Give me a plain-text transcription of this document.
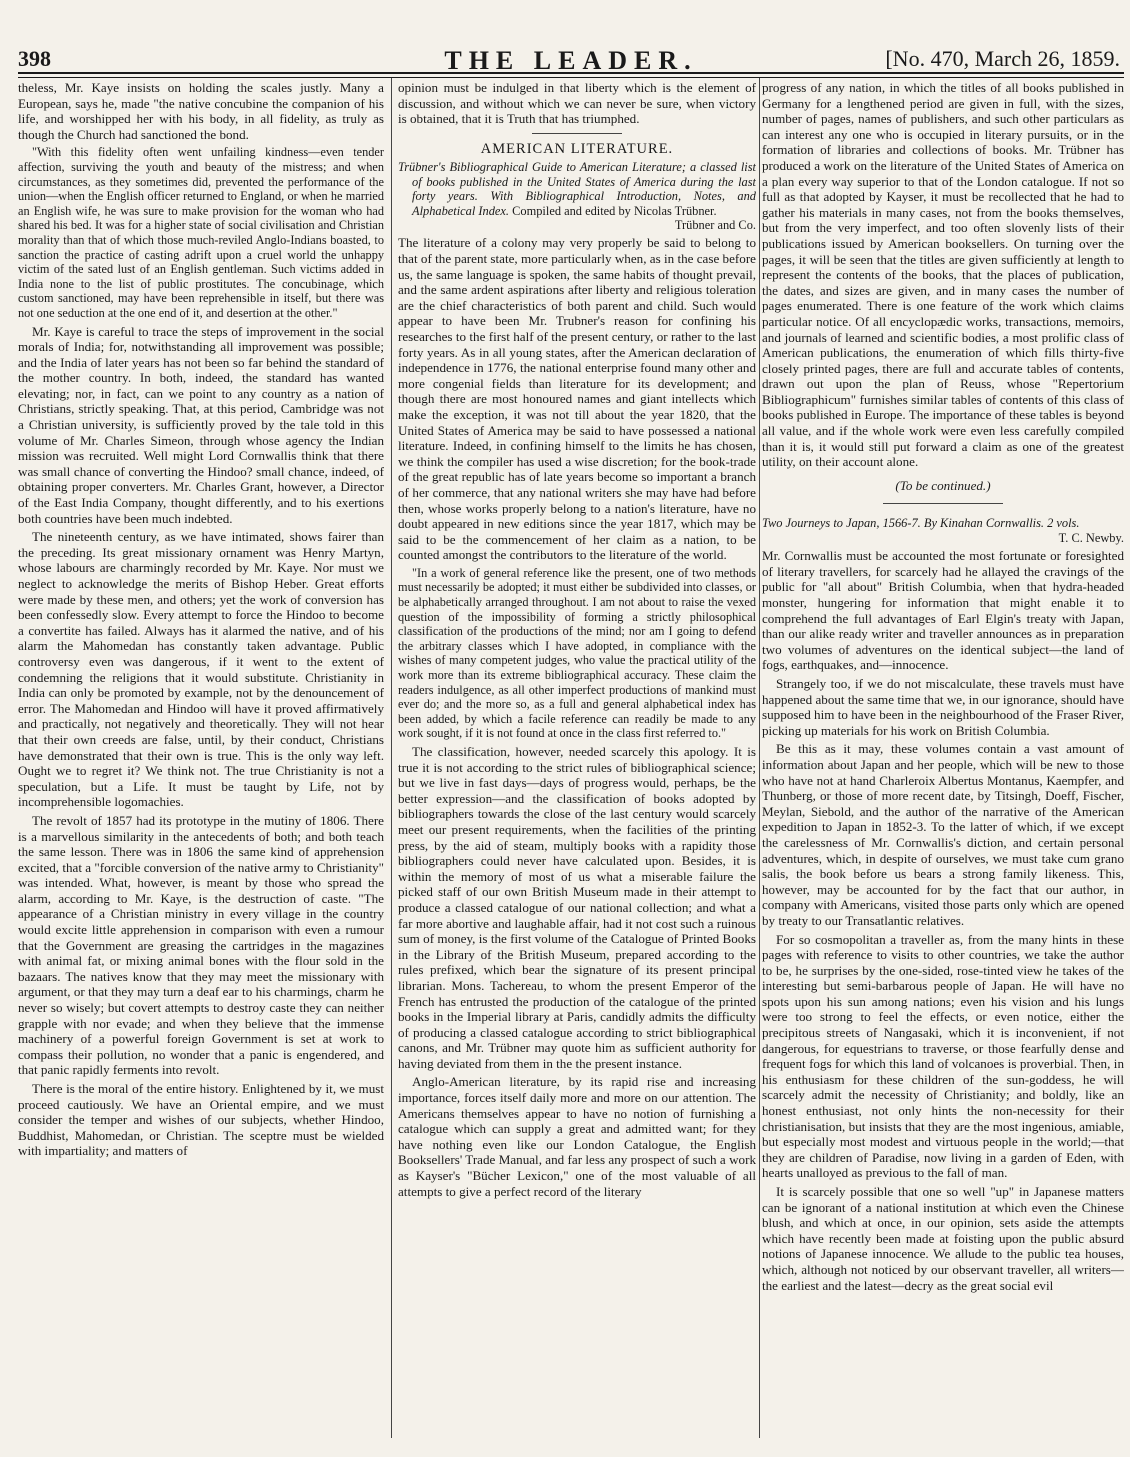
398	THE LEADER.	[No. 470, March 26, 1859.

theless, Mr. Kaye insists on holding the scales justly. Many a European, says he, made "the native concubine the companion of his life, and worshipped her with his body, in all fidelity, as truly as though the Church had sanctioned the bond.

"With this fidelity often went unfailing kindness—even tender affection, surviving the youth and beauty of the mistress; and when circumstances, as they sometimes did, prevented the performance of the union—when the English officer returned to England, or when he married an English wife, he was sure to make provision for the woman who had shared his bed. It was for a higher state of social civilisation and Christian morality than that of which those much-reviled Anglo-Indians boasted, to sanction the practice of casting adrift upon a cruel world the unhappy victim of the sated lust of an English gentleman. Such victims added in India none to the list of public prostitutes. The concubinage, which custom sanctioned, may have been reprehensible in itself, but there was not one seduction at the one end of it, and desertion at the other."

Mr. Kaye is careful to trace the steps of improvement in the social morals of India; for, notwithstanding all improvement was possible; and the India of later years has not been so far behind the standard of the mother country. In both, indeed, the standard has wanted elevating; nor, in fact, can we point to any country as a nation of Christians, strictly speaking. That, at this period, Cambridge was not a Christian university, is sufficiently proved by the tale told in this volume of Mr. Charles Simeon, through whose agency the Indian mission was recruited. Well might Lord Cornwallis think that there was small chance of converting the Hindoo? small chance, indeed, of obtaining proper converters. Mr. Charles Grant, however, a Director of the East India Company, thought differently, and to his exertions both countries have been much indebted.

The nineteenth century, as we have intimated, shows fairer than the preceding. Its great missionary ornament was Henry Martyn, whose labours are charmingly recorded by Mr. Kaye. Nor must we neglect to acknowledge the merits of Bishop Heber. Great efforts were made by these men, and others; yet the work of conversion has been confessedly slow. Every attempt to force the Hindoo to become a convertite has failed. Always has it alarmed the native, and of his alarm the Mahomedan has constantly taken advantage. Public controversy even was dangerous, if it went to the extent of condemning the religions that it would substitute. Christianity in India can only be promoted by example, not by the denouncement of error. The Mahomedan and Hindoo will have it proved affirmatively and practically, not negatively and theoretically. They will not hear that their own creeds are false, until, by their conduct, Christians have demonstrated that their own is true. This is the only way left. Ought we to regret it? We think not. The true Christianity is not a speculation, but a Life. It must be taught by Life, not by incomprehensible logomachies.

The revolt of 1857 had its prototype in the mutiny of 1806. There is a marvellous similarity in the antecedents of both; and both teach the same lesson. There was in 1806 the same kind of apprehension excited, that a "forcible conversion of the native army to Christianity" was intended. What, however, is meant by those who spread the alarm, according to Mr. Kaye, is the destruction of caste. "The appearance of a Christian ministry in every village in the country would excite little apprehension in comparison with even a rumour that the Government are greasing the cartridges in the magazines with animal fat, or mixing animal bones with the flour sold in the bazaars. The natives know that they may meet the missionary with argument, or that they may turn a deaf ear to his charmings, charm he never so wisely; but covert attempts to destroy caste they can neither grapple with nor evade; and when they believe that the immense machinery of a powerful foreign Government is set at work to compass their pollution, no wonder that a panic is engendered, and that panic rapidly ferments into revolt.

There is the moral of the entire history. Enlightened by it, we must proceed cautiously. We have an Oriental empire, and we must consider the temper and wishes of our subjects, whether Hindoo, Buddhist, Mahomedan, or Christian. The sceptre must be wielded with impartiality; and matters of

opinion must be indulged in that liberty which is the element of discussion, and without which we can never be sure, when victory is obtained, that it is Truth that has triumphed.

AMERICAN LITERATURE.
Trübner's Bibliographical Guide to American Literature; a classed list of books published in the United States of America during the last forty years. With Bibliographical Introduction, Notes, and Alphabetical Index. Compiled and edited by Nicolas Trübner.
Trübner and Co.

The literature of a colony may very properly be said to belong to that of the parent state, more particularly when, as in the case before us, the same language is spoken, the same habits of thought prevail, and the same ardent aspirations after liberty and religious toleration are the chief characteristics of both parent and child. Such would appear to have been Mr. Trubner's reason for confining his researches to the first half of the present century, or rather to the last forty years. As in all young states, after the American declaration of independence in 1776, the national enterprise found many other and more congenial fields than literature for its development; and though there are most honoured names and giant intellects which make the exception, it was not till about the year 1820, that the United States of America may be said to have possessed a national literature. Indeed, in confining himself to the limits he has chosen, we think the compiler has used a wise discretion; for the book-trade of the great republic has of late years become so important a branch of her commerce, that any national writers she may have had before then, whose works properly belong to a nation's literature, have no doubt appeared in new editions since the year 1817, which may be said to be the commencement of her claim as a nation, to be counted amongst the contributors to the literature of the world.

"In a work of general reference like the present, one of two methods must necessarily be adopted; it must either be subdivided into classes, or be alphabetically arranged throughout. I am not about to raise the vexed question of the impossibility of forming a strictly philosophical classification of the productions of the mind; nor am I going to defend the arbitrary classes which I have adopted, in compliance with the wishes of many competent judges, who value the practical utility of the work more than its extreme bibliographical accuracy. These claim the readers indulgence, as all other imperfect productions of mankind must ever do; and the more so, as a full and general alphabetical index has been added, by which a facile reference can readily be made to any work sought, if it is not found at once in the class first referred to."

The classification, however, needed scarcely this apology. It is true it is not according to the strict rules of bibliographical science; but we live in fast days—days of progress would, perhaps, be the better expression—and the classification of books adopted by bibliographers towards the close of the last century would scarcely meet our present requirements, when the facilities of the printing press, by the aid of steam, multiply books with a rapidity those bibliographers could never have calculated upon. Besides, it is within the memory of most of us what a miserable failure the picked staff of our own British Museum made in their attempt to produce a classed catalogue of our national collection; and what a far more abortive and laughable affair, had it not cost such a ruinous sum of money, is the first volume of the Catalogue of Printed Books in the Library of the British Museum, prepared according to the rules prefixed, which bear the signature of its present principal librarian. Mons. Tachereau, to whom the present Emperor of the French has entrusted the production of the catalogue of the printed books in the Imperial library at Paris, candidly admits the difficulty of producing a classed catalogue according to strict bibliographical canons, and Mr. Trübner may quote him as sufficient authority for having deviated from them in the the present instance.

Anglo-American literature, by its rapid rise and increasing importance, forces itself daily more and more on our attention. The Americans themselves appear to have no notion of furnishing a catalogue which can supply a great and admitted want; for they have nothing even like our London Catalogue, the English Booksellers' Trade Manual, and far less any prospect of such a work as Kayser's "Bücher Lexicon," one of the most valuable of all attempts to give a perfect record of the literary

progress of any nation, in which the titles of all books published in Germany for a lengthened period are given in full, with the sizes, number of pages, names of publishers, and such other particulars as can interest any one who is occupied in literary pursuits, or in the formation of libraries and collections of books. Mr. Trübner has produced a work on the literature of the United States of America on a plan every way superior to that of the London catalogue. If not so full as that adopted by Kayser, it must be recollected that he had to gather his materials in many cases, not from the books themselves, but from the very imperfect, and too often slovenly lists of their publications issued by American booksellers. On turning over the pages, it will be seen that the titles are given sufficiently at length to represent the contents of the books, that the places of publication, the dates, and sizes are given, and in many cases the number of pages enumerated. There is one feature of the work which claims particular notice. Of all encyclopædic works, transactions, memoirs, and journals of learned and scientific bodies, a most prolific class of American publications, the enumeration of which fills thirty-five closely printed pages, there are full and accurate tables of contents, drawn out upon the plan of Reuss, whose "Repertorium Bibliographicum" furnishes similar tables of contents of this class of books published in Europe. The importance of these tables is beyond all value, and if the whole work were even less carefully compiled than it is, it would still put forward a claim as one of the greatest utility, on their account alone.

(To be continued.)

Two Journeys to Japan, 1566-7. By Kinahan Cornwallis. 2 vols.
T. C. Newby.

Mr. Cornwallis must be accounted the most fortunate or foresighted of literary travellers, for scarcely had he allayed the cravings of the public for "all about" British Columbia, when that hydra-headed monster, hungering for information that might enable it to comprehend the full advantages of Earl Elgin's treaty with Japan, than our alike ready writer and traveller announces as in preparation two volumes of adventures on the identical subject—the land of fogs, earthquakes, and—innocence.

Strangely too, if we do not miscalculate, these travels must have happened about the same time that we, in our ignorance, should have supposed him to have been in the neighbourhood of the Fraser River, picking up materials for his work on British Columbia.

Be this as it may, these volumes contain a vast amount of information about Japan and her people, which will be new to those who have not at hand Charleroix Albertus Montanus, Kaempfer, and Thunberg, or those of more recent date, by Titsingh, Doeff, Fischer, Meylan, Siebold, and the author of the narrative of the American expedition to Japan in 1852-3. To the latter of which, if we except the carelessness of Mr. Cornwallis's diction, and certain personal adventures, which, in despite of ourselves, we must take cum grano salis, the book before us bears a strong family likeness. This, however, may be accounted for by the fact that our author, in company with Americans, visited those parts only which are opened by treaty to our Transatlantic relatives.

For so cosmopolitan a traveller as, from the many hints in these pages with reference to visits to other countries, we take the author to be, he surprises by the one-sided, rose-tinted view he takes of the interesting but semi-barbarous people of Japan. He will have no spots upon his sun among nations; even his vision and his lungs were too strong to feel the effects, or even notice, either the precipitous streets of Nangasaki, which it is inconvenient, if not dangerous, for equestrians to traverse, or those fearfully dense and frequent fogs for which this land of volcanoes is proverbial. Then, in his enthusiasm for these children of the sun-goddess, he will scarcely admit the necessity of Christianity; and boldly, like an honest enthusiast, not only hints the non-necessity for their christianisation, but insists that they are the most ingenious, amiable, but especially most modest and virtuous people in the world;—that they are children of Paradise, now living in a garden of Eden, with hearts unalloyed as previous to the fall of man.

It is scarcely possible that one so well "up" in Japanese matters can be ignorant of a national institution at which even the Chinese blush, and which at once, in our opinion, sets aside the attempts which have recently been made at foisting upon the public absurd notions of Japanese innocence. We allude to the public tea houses, which, although not noticed by our observant traveller, all writers—the earliest and the latest—decry as the great social evil
